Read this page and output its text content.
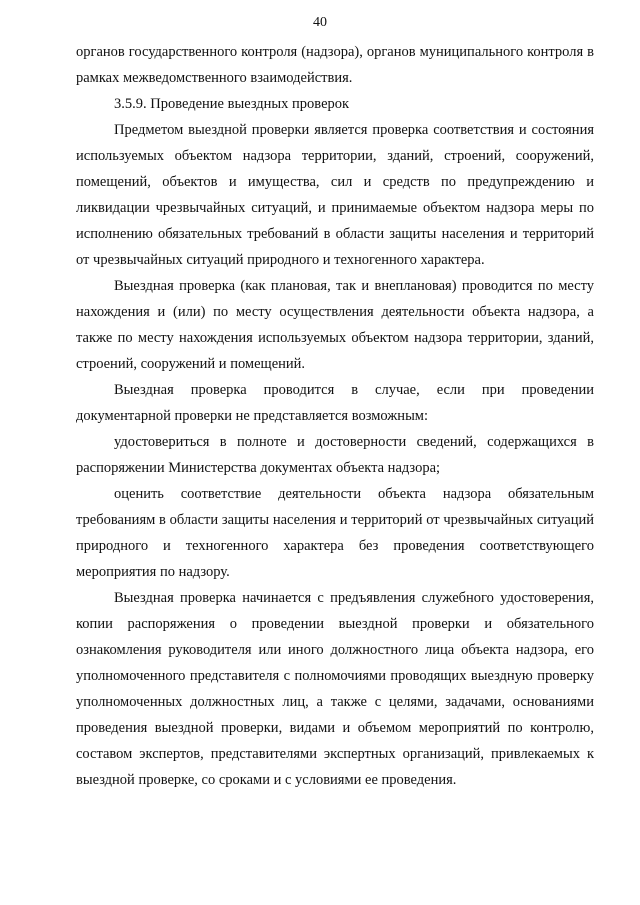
40

органов государственного контроля (надзора), органов муниципального контроля в рамках межведомственного взаимодействия.

3.5.9. Проведение выездных проверок

Предметом выездной проверки является проверка соответствия и состояния используемых объектом надзора территории, зданий, строений, сооружений, помещений, объектов и имущества, сил и средств по предупреждению и ликвидации чрезвычайных ситуаций, и принимаемые объектом надзора меры по исполнению обязательных требований в области защиты населения и территорий от чрезвычайных ситуаций природного и техногенного характера.

Выездная проверка (как плановая, так и внеплановая) проводится по месту нахождения и (или) по месту осуществления деятельности объекта надзора, а также по месту нахождения используемых объектом надзора территории, зданий, строений, сооружений и помещений.

Выездная проверка проводится в случае, если при проведении документарной проверки не представляется возможным:

удостовериться в полноте и достоверности сведений, содержащихся в распоряжении Министерства документах объекта надзора;

оценить соответствие деятельности объекта надзора обязательным требованиям в области защиты населения и территорий от чрезвычайных ситуаций природного и техногенного характера без проведения соответствующего мероприятия по надзору.

Выездная проверка начинается с предъявления служебного удостоверения, копии распоряжения о проведении выездной проверки и обязательного ознакомления руководителя или иного должностного лица объекта надзора, его уполномоченного представителя с полномочиями проводящих выездную проверку уполномоченных должностных лиц, а также с целями, задачами, основаниями проведения выездной проверки, видами и объемом мероприятий по контролю, составом экспертов, представителями экспертных организаций, привлекаемых к выездной проверке, со сроками и с условиями ее проведения.
